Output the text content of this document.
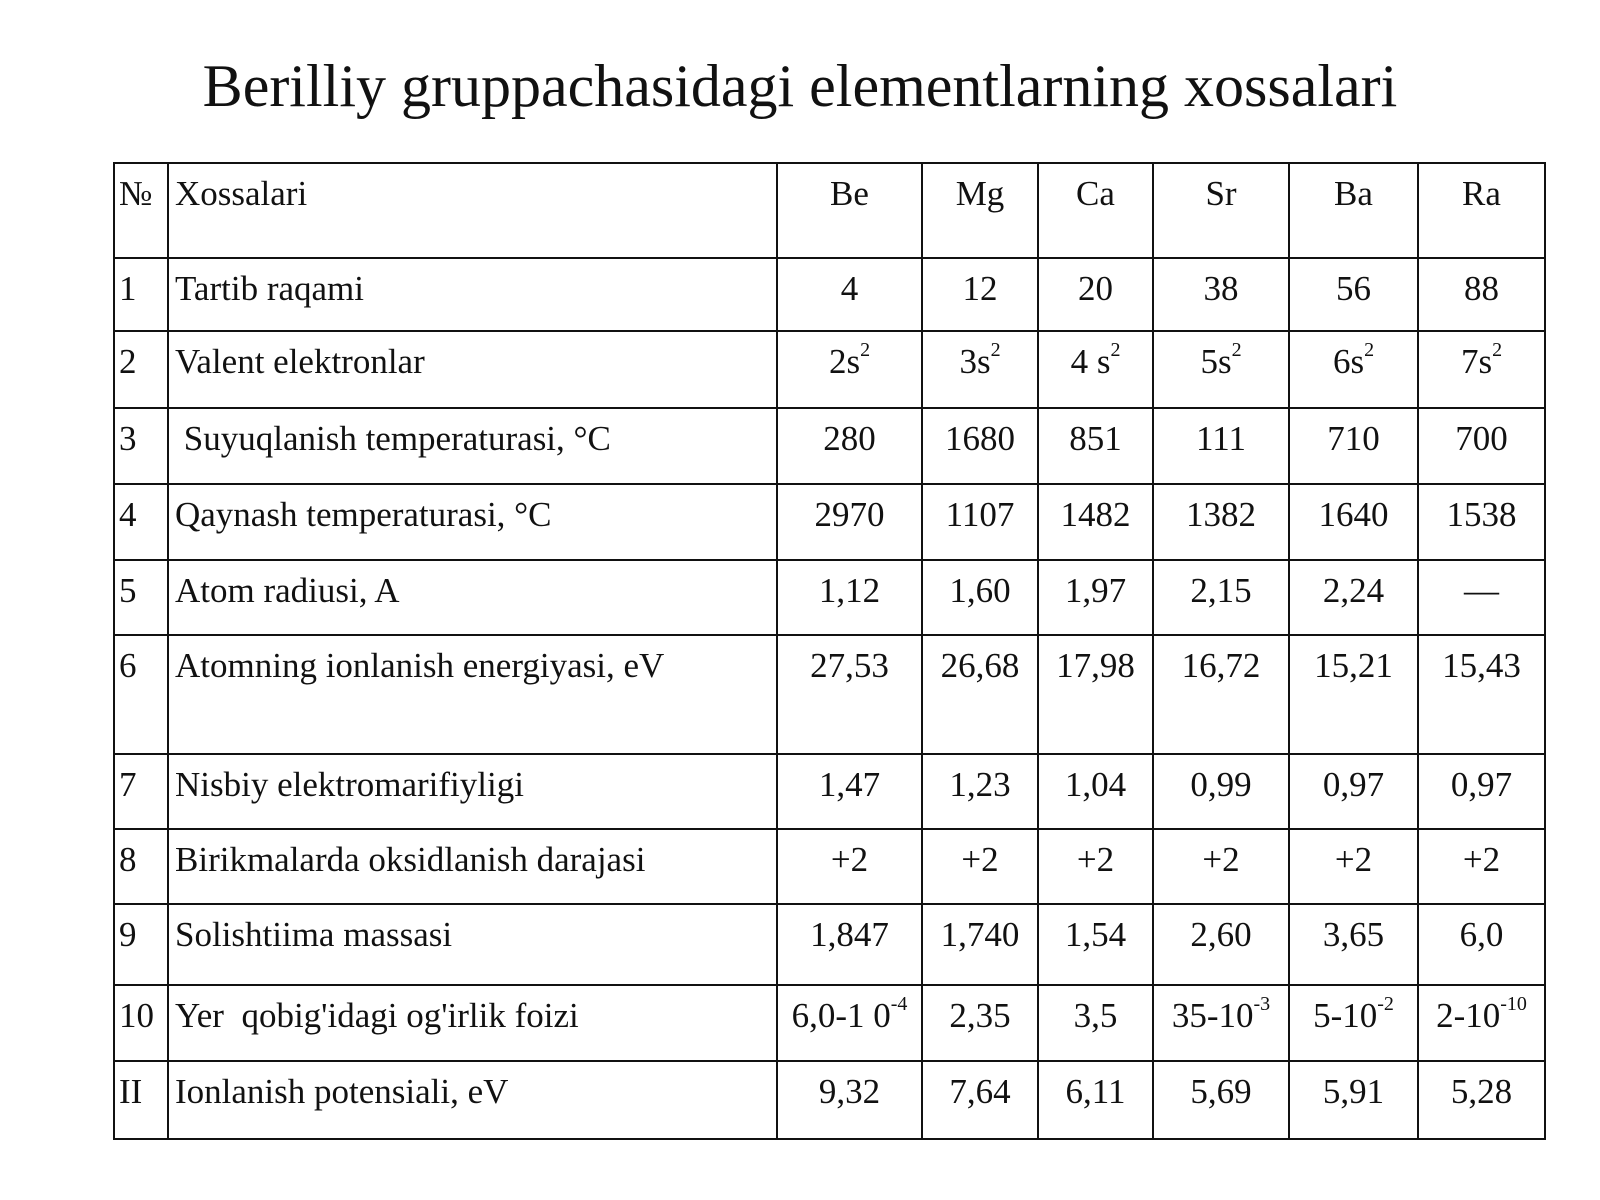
Berilliy gruppachasidagi elementlarning xossalari
№	Xossalari	Be	Mg	Ca	Sr	Ba	Ra
1	Tartib raqami	4	12	20	38	56	88
2	Valent elektronlar	$2s^2$	$3s^2$	4 $s^2$	$5s^2$	$6s^2$	$7s^2$
3	Suyuqlanish temperaturasi, °C	280	1680	851	111	710	700
4	Qaynash temperaturasi, °C	2970	1107	1482	1382	1640	1538
5	Atom radiusi, A	1,12	1,60	1,97	2,15	2,24	—
6	Atomning ionlanish energiyasi, eV	27,53	26,68	17,98	16,72	15,21	15,43
7	Nisbiy elektromarifiyligi	1,47	1,23	1,04	0,99	0,97	0,97
8	Birikmalarda oksidlanish darajasi	+2	+2	+2	+2	+2	+2
9	Solishtiima massasi	1,847	1,740	1,54	2,60	3,65	6,0
10	Yer  qobig'idagi og'irlik foizi	6,0-1 $0^{-4}$	2,35	3,5	$35-10^{-3}$	$5-10^{-2}$	$2-10^{-10}$
II	Ionlanish potensiali, eV	9,32	7,64	6,11	5,69	5,91	5,28
